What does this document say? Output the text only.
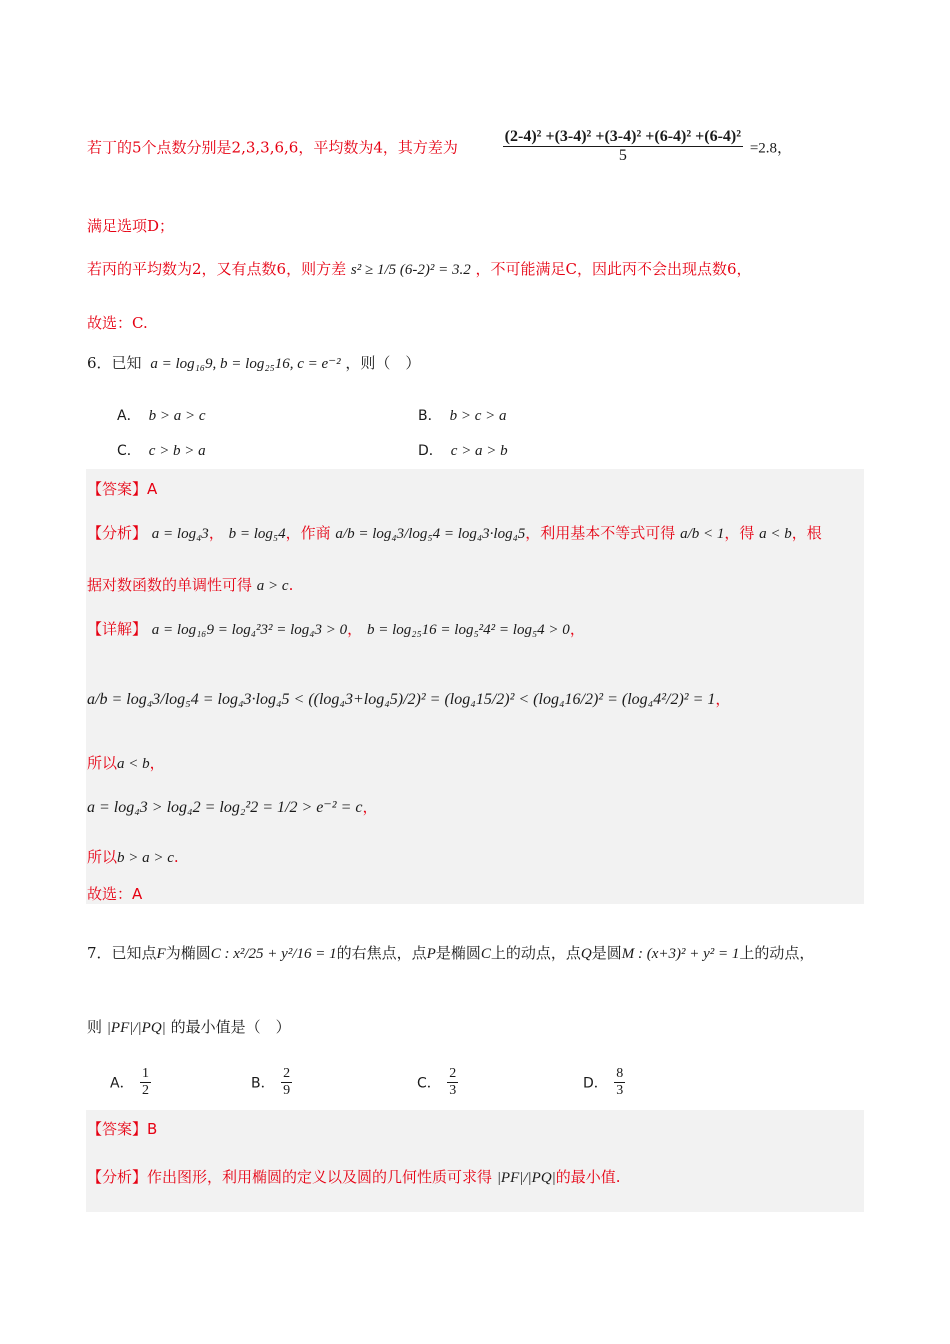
若丁的5个点数分别是2,3,3,6,6，平均数为4，其方差为	$\frac{\text{(2-4)² +(3-4)² +(3-4)² +(6-4)² +(6-4)²}}{5} =2.8$，
满足选项D；
若丙的平均数为2，又有点数6，则方差 s² ≥ 1/5 (6-2)² = 3.2 ，不可能满足C，因此丙不会出现点数6，
故选：C.
6．已知 a = log₁₆9, b = log₂₅16, c = e⁻² ，则（　）
A． b > a > c	B． b > c > a
C． c > b > a	D． c > a > b
【答案】A
【分析】 a = log₄3， b = log₅4，作商 a/b = log₄3/log₅4 = log₄3·log₄5，利用基本不等式可得 a/b < 1，得 a < b，根
据对数函数的单调性可得 a > c.
【详解】 a = log₁₆9 = log₄²3² = log₄3 > 0， b = log₂₅16 = log₅²4² = log₅4 > 0，
a/b = log₄3/log₅4 = log₄3·log₄5 < ((log₄3+log₄5)/2)² = (log₄15/2)² < (log₄16/2)² = (log₄4²/2)² = 1，
所以a < b，
a = log₄3 > log₄2 = log₂²2 = 1/2 > e⁻² = c，
所以b > a > c.
故选：A
7．已知点F为椭圆C : x²/25 + y²/16 = 1的右焦点，点P是椭圆C上的动点，点Q是圆M : (x+3)² + y² = 1上的动点，
则 |PF|/|PQ| 的最小值是（　）
A． $\frac{1}{2}$	B． $\frac{2}{9}$	C． $\frac{2}{3}$	D． $\frac{8}{3}$
【答案】B
【分析】作出图形，利用椭圆的定义以及圆的几何性质可求得 |PF|/|PQ|的最小值.
